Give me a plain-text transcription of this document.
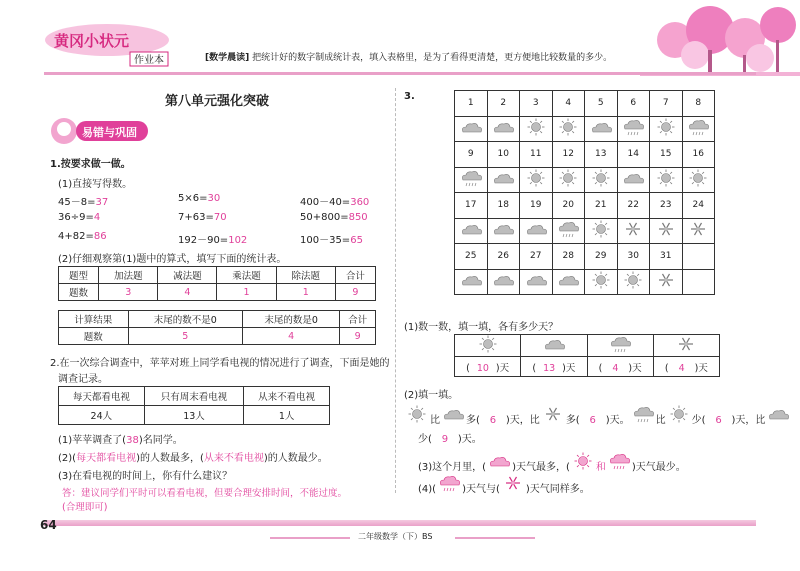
黄冈小状元
作业本	[数学晨读] 把统计好的数字制成统计表，填入表格里，是为了看得更清楚，更方便地比较数量的多少。
第八单元强化突破
易错与巩固
1.按要求做一做。
(1)直接写得数。
45－8=37	5×6=30	400－40=360
36÷9=4	7+63=70	50+800=850
4+82=86	192－90=102	100－35=65
(2)仔细观察第(1)题中的算式，填写下面的统计表。
题型	加法题	减法题	乘法题	除法题	合计
题数	3	4	1	1	9
计算结果	末尾的数不是0	末尾的数是0	合计
题数	5	4	9
2.在一次综合调查中，苹苹对班上同学看电视的情况进行了调查，下面是她的
调查记录。
每天都看电视	只有周末看电视	从来不看电视
24人	13人	1人
(1)苹苹调查了(38)名同学。
(2)(每天都看电视)的人数最多，(从来不看电视)的人数最少。
(3)在看电视的时间上，你有什么建议？
答：建议同学们平时可以看看电视，但要合理安排时间，不能过度。
(合理即可)
3.
1	2	3	4	5	6	7	8

9	10	11	12	13	14	15	16

17	18	19	20	21	22	23	24

25	26	27	28	29	30	31	

(1)数一数，填一填，各有多少天？

( 10 )天	( 13 )天	( 4 )天	( 4 )天
(2)填一填。
比	多( 6 )天，比	多( 6 )天。	比	少( 6 )天，比
少( 9 )天。
(3)这个月里，(	)天气最多，(	和	)天气最少。
(4)(	)天气与(	)天气同样多。
64
二年级数学（下）BS
